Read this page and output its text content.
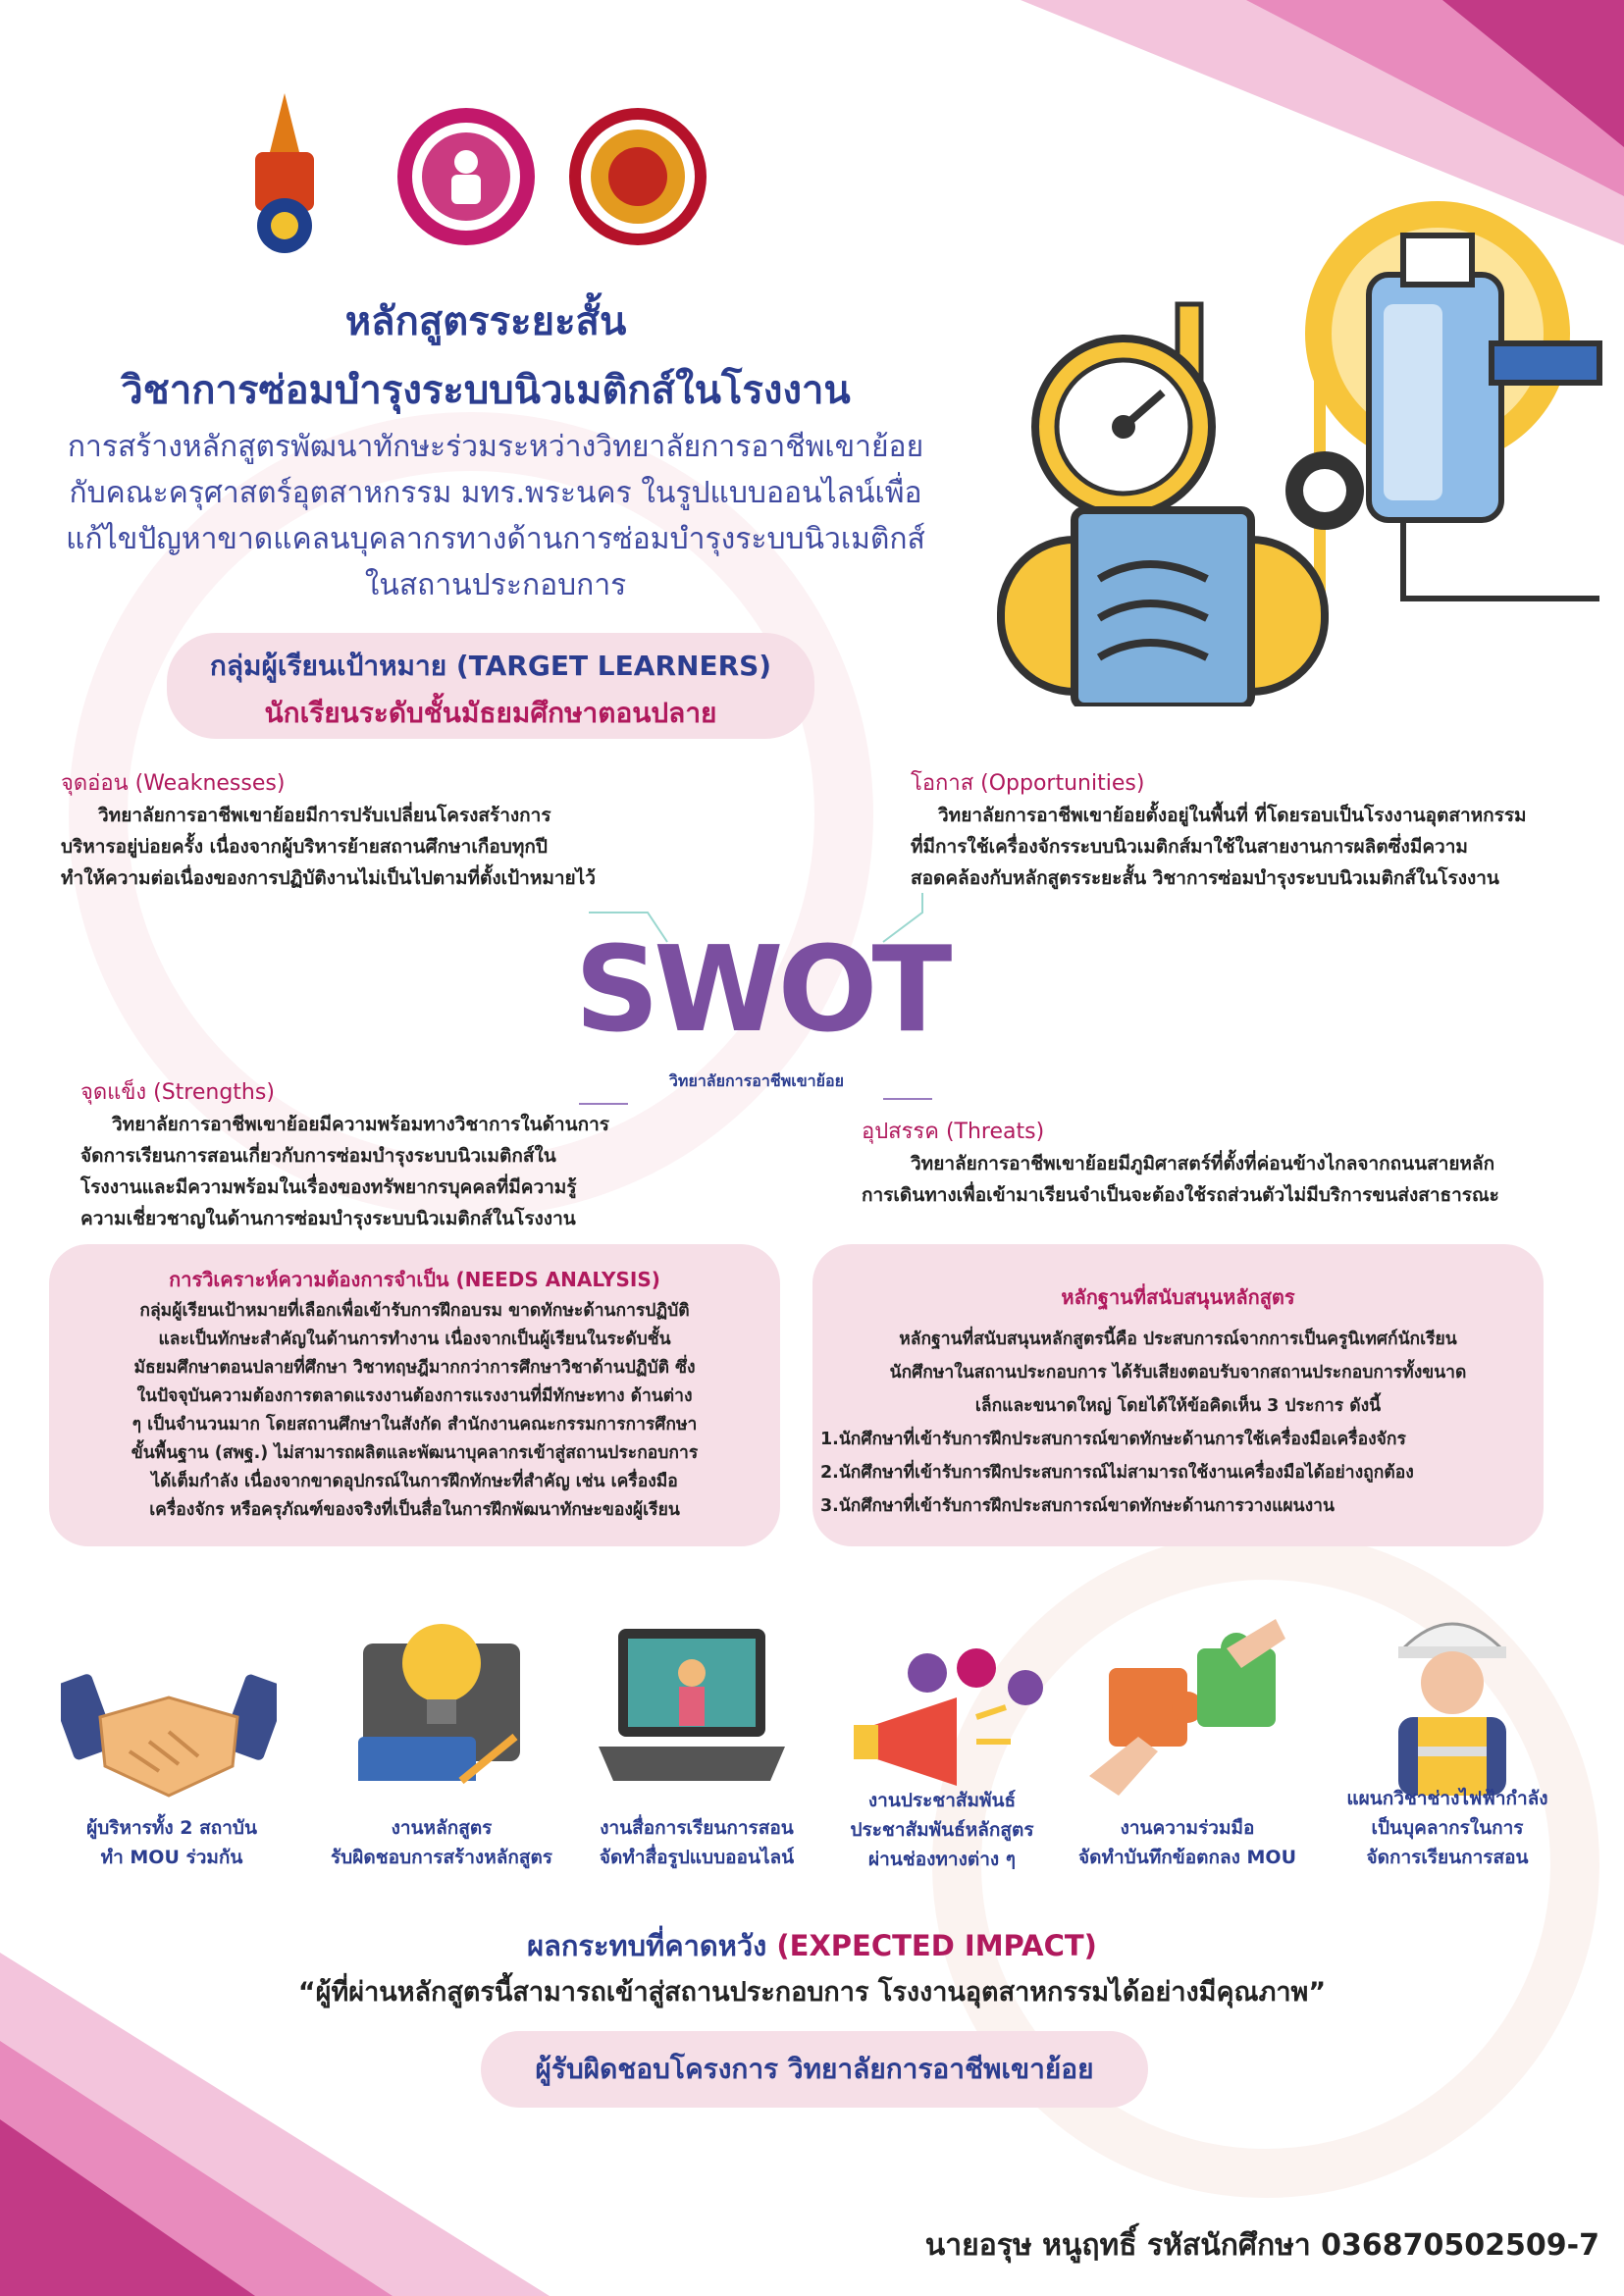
หลักสูตรระยะสั้น
วิชาการซ่อมบำรุงระบบนิวเมติกส์ในโรงงาน
การสร้างหลักสูตรพัฒนาทักษะร่วมระหว่างวิทยาลัยการอาชีพเขาย้อย
กับคณะครุศาสตร์อุตสาหกรรม มทร.พระนคร ในรูปแบบออนไลน์เพื่อ
แก้ไขปัญหาขาดแคลนบุคลากรทางด้านการซ่อมบำรุงระบบนิวเมติกส์
ในสถานประกอบการ
กลุ่มผู้เรียนเป้าหมาย (TARGET LEARNERS)
นักเรียนระดับชั้นมัธยมศึกษาตอนปลาย
จุดอ่อน (Weaknesses)
วิทยาลัยการอาชีพเขาย้อยมีการปรับเปลี่ยนโครงสร้างการ
บริหารอยู่บ่อยครั้ง เนื่องจากผู้บริหารย้ายสถานศึกษาเกือบทุกปี
ทำให้ความต่อเนื่องของการปฏิบัติงานไม่เป็นไปตามที่ตั้งเป้าหมายไว้
โอกาส (Opportunities)
วิทยาลัยการอาชีพเขาย้อยตั้งอยู่ในพื้นที่ ที่โดยรอบเป็นโรงงานอุตสาหกรรม
ที่มีการใช้เครื่องจักรระบบนิวเมติกส์มาใช้ในสายงานการผลิตซึ่งมีความ
สอดคล้องกับหลักสูตรระยะสั้น วิชาการซ่อมบำรุงระบบนิวเมติกส์ในโรงงาน
SWOT
วิทยาลัยการอาชีพเขาย้อย
จุดแข็ง (Strengths)
วิทยาลัยการอาชีพเขาย้อยมีความพร้อมทางวิชาการในด้านการ
จัดการเรียนการสอนเกี่ยวกับการซ่อมบำรุงระบบนิวเมติกส์ใน
โรงงานและมีความพร้อมในเรื่องของทรัพยากรบุคคลที่มีความรู้
ความเชี่ยวชาญในด้านการซ่อมบำรุงระบบนิวเมติกส์ในโรงงาน
อุปสรรค (Threats)
วิทยาลัยการอาชีพเขาย้อยมีภูมิศาสตร์ที่ตั้งที่ค่อนข้างไกลจากถนนสายหลัก
การเดินทางเพื่อเข้ามาเรียนจำเป็นจะต้องใช้รถส่วนตัวไม่มีบริการขนส่งสาธารณะ
การวิเคราะห์ความต้องการจำเป็น (NEEDS ANALYSIS)
กลุ่มผู้เรียนเป้าหมายที่เลือกเพื่อเข้ารับการฝึกอบรม ขาดทักษะด้านการปฏิบัติ
และเป็นทักษะสำคัญในด้านการทำงาน เนื่องจากเป็นผู้เรียนในระดับชั้น
มัธยมศึกษาตอนปลายที่ศึกษา วิชาทฤษฎีมากกว่าการศึกษาวิชาด้านปฏิบัติ ซึ่ง
ในปัจจุบันความต้องการตลาดแรงงานต้องการแรงงานที่มีทักษะทาง ด้านต่าง
ๆ เป็นจำนวนมาก โดยสถานศึกษาในสังกัด สำนักงานคณะกรรมการการศึกษา
ขั้นพื้นฐาน (สพฐ.) ไม่สามารถผลิตและพัฒนาบุคลากรเข้าสู่สถานประกอบการ
ได้เต็มกำลัง เนื่องจากขาดอุปกรณ์ในการฝึกทักษะที่สำคัญ เช่น เครื่องมือ
เครื่องจักร หรือครุภัณฑ์ของจริงที่เป็นสื่อในการฝึกพัฒนาทักษะของผู้เรียน
หลักฐานที่สนับสนุนหลักสูตร
หลักฐานที่สนับสนุนหลักสูตรนี้คือ ประสบการณ์จากการเป็นครูนิเทศก์นักเรียน
นักศึกษาในสถานประกอบการ ได้รับเสียงตอบรับจากสถานประกอบการทั้งขนาด
เล็กและขนาดใหญ่ โดยได้ให้ข้อคิดเห็น 3 ประการ ดังนี้
1.นักศึกษาที่เข้ารับการฝึกประสบการณ์ขาดทักษะด้านการใช้เครื่องมือเครื่องจักร
2.นักศึกษาที่เข้ารับการฝึกประสบการณ์ไม่สามารถใช้งานเครื่องมือได้อย่างถูกต้อง
3.นักศึกษาที่เข้ารับการฝึกประสบการณ์ขาดทักษะด้านการวางแผนงาน
ผู้บริหารทั้ง 2 สถาบัน
ทำ MOU ร่วมกัน
งานหลักสูตร
รับผิดชอบการสร้างหลักสูตร
งานสื่อการเรียนการสอน
จัดทำสื่อรูปแบบออนไลน์
งานประชาสัมพันธ์
ประชาสัมพันธ์หลักสูตร
ผ่านช่องทางต่าง ๆ
งานความร่วมมือ
จัดทำบันทึกข้อตกลง MOU
แผนกวิชาช่างไฟฟ้ากำลัง
เป็นบุคลากรในการ
จัดการเรียนการสอน
ผลกระทบที่คาดหวัง (EXPECTED IMPACT)
“ผู้ที่ผ่านหลักสูตรนี้สามารถเข้าสู่สถานประกอบการ โรงงานอุตสาหกรรมได้อย่างมีคุณภาพ”
ผู้รับผิดชอบโครงการ วิทยาลัยการอาชีพเขาย้อย
นายอรุษ หนูฤทธิ์ รหัสนักศึกษา 036870502509-7
